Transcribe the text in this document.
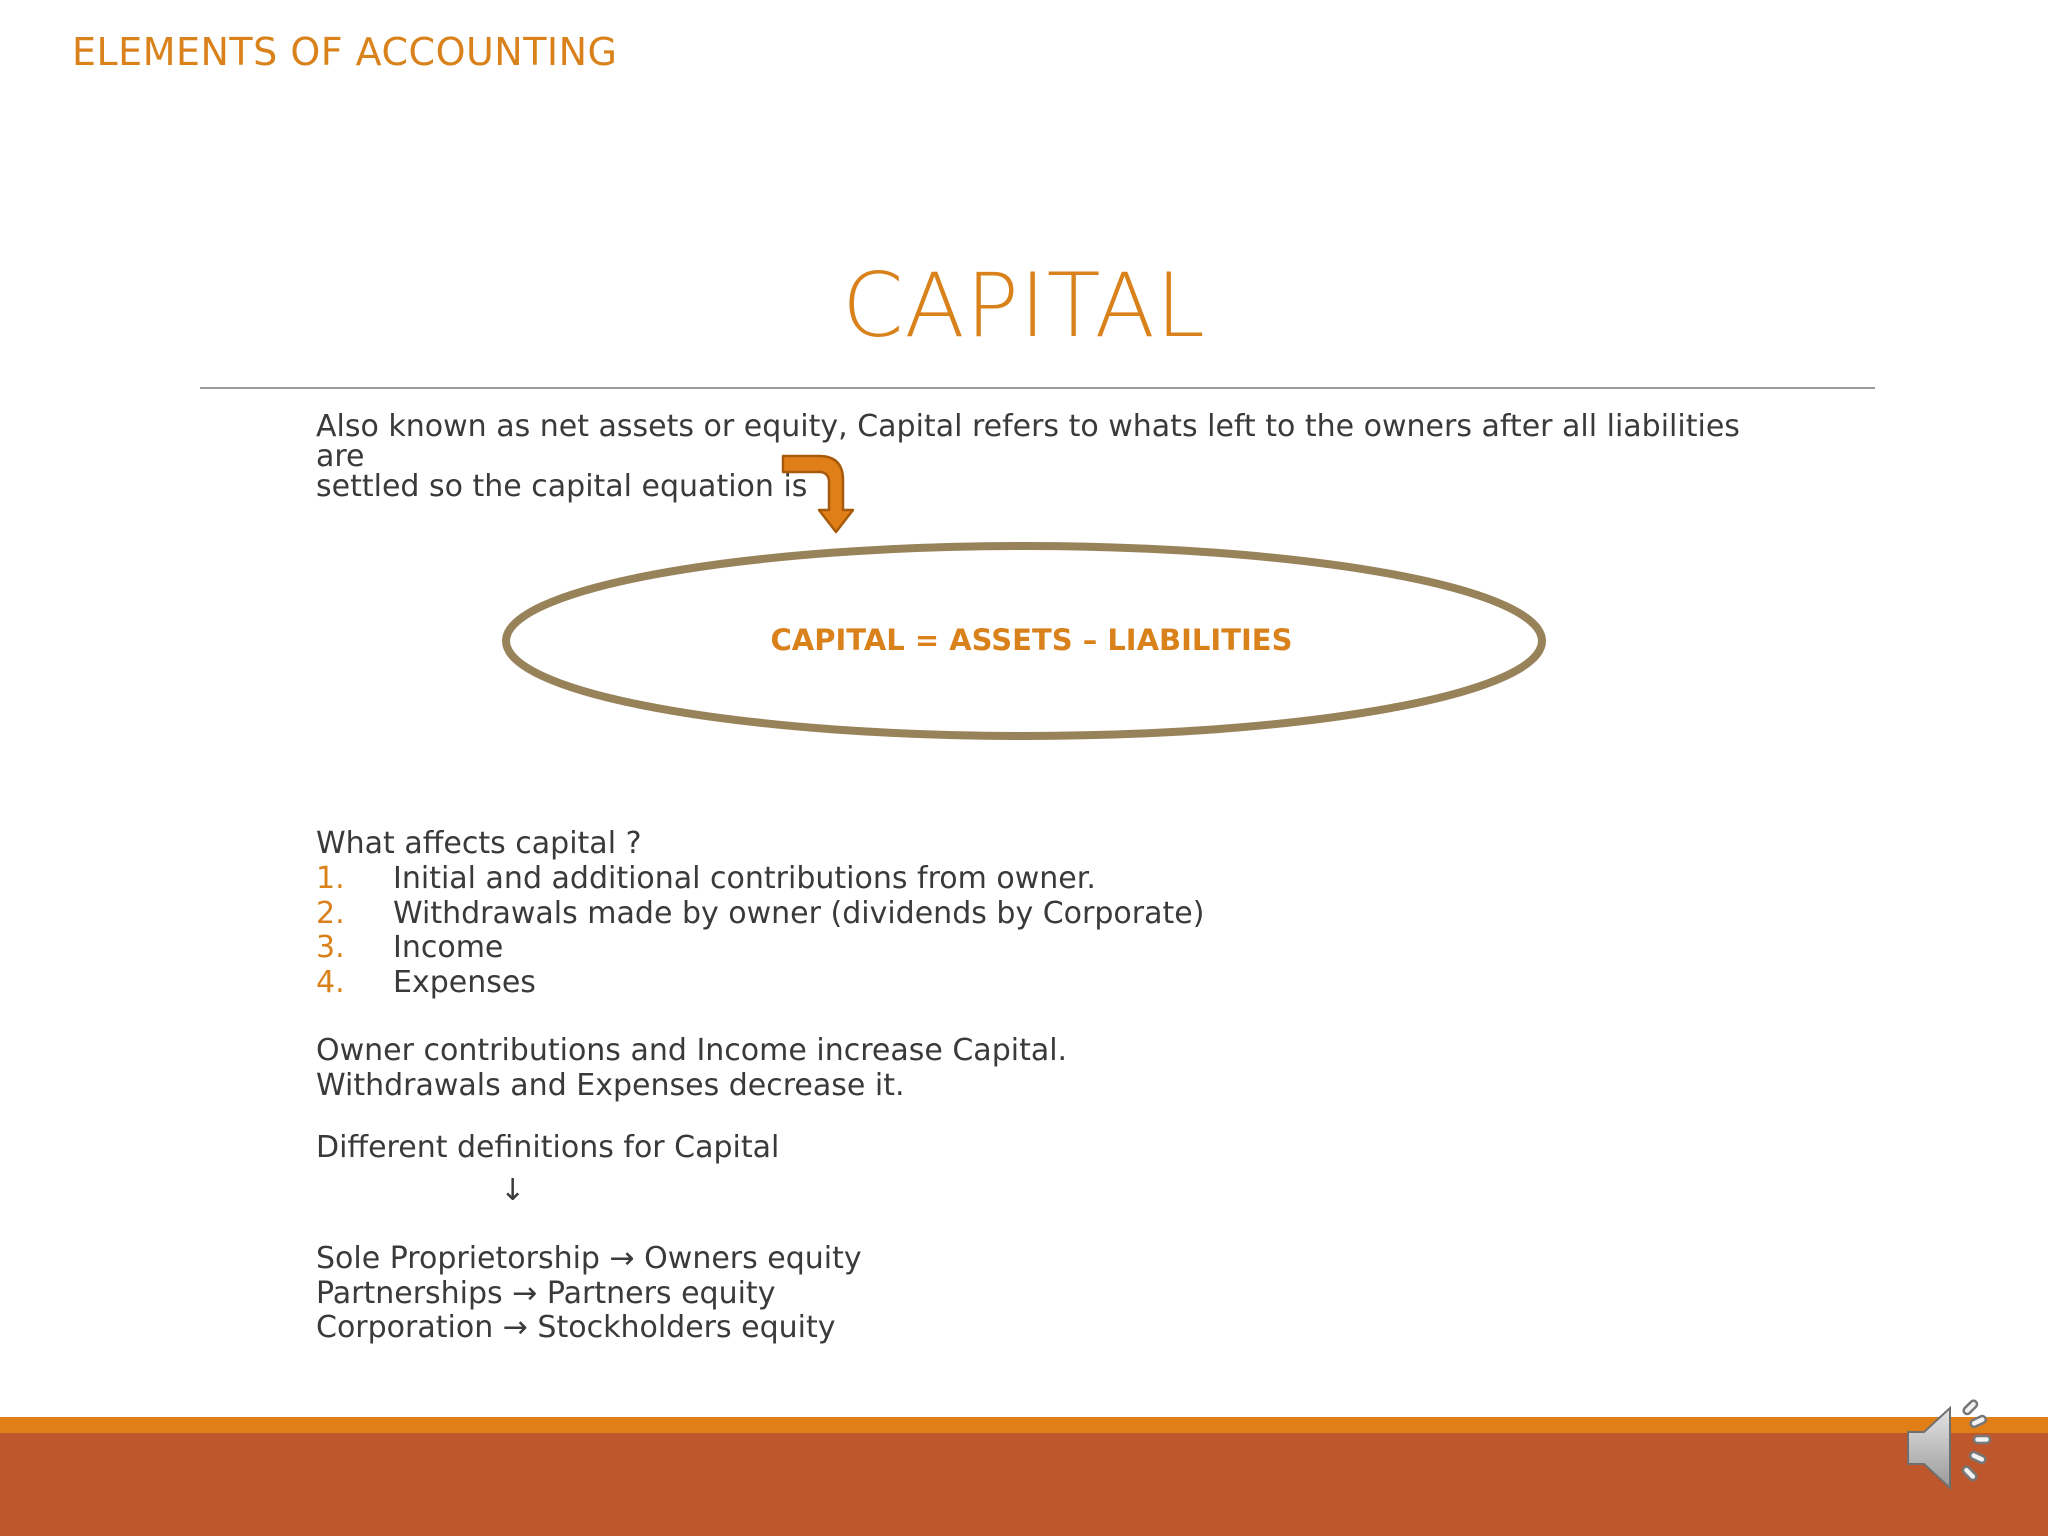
ELEMENTS OF ACCOUNTING
CAPITAL
Also known as net assets or equity, Capital refers to whats left to the owners after all liabilities are
settled so the capital equation is
CAPITAL = ASSETS – LIABILITIES
What affects capital ?
1. Initial and additional contributions from owner.
2. Withdrawals made by owner (dividends by Corporate)
3. Income
4. Expenses
Owner contributions and Income increase Capital.
Withdrawals and Expenses decrease it.
Different definitions for Capital
↓
Sole Proprietorship → Owners equity
Partnerships → Partners equity
Corporation → Stockholders equity
